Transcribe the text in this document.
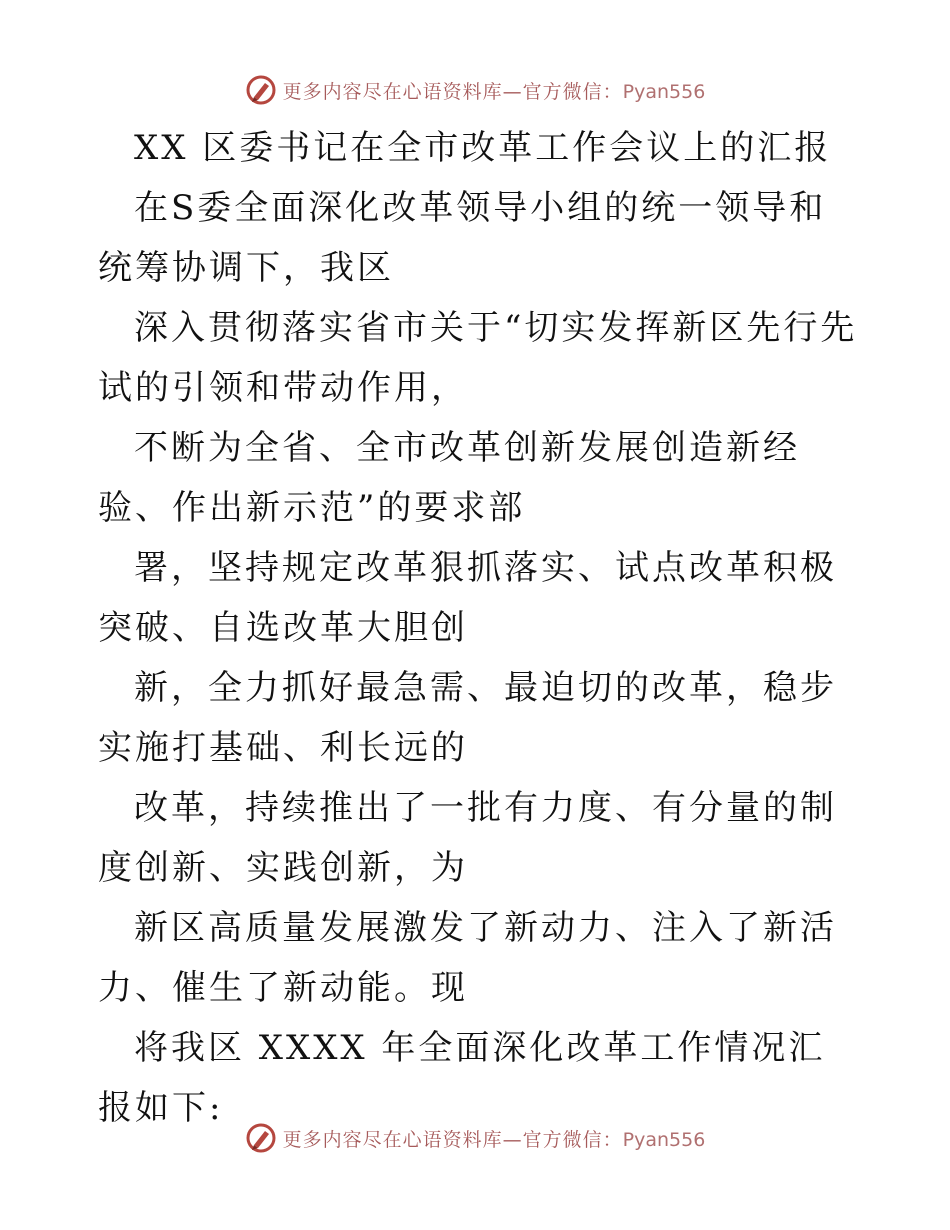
更多内容尽在心语资料库—官方微信：Pyan556

XX 区委书记在全市改革工作会议上的汇报

在S委全面深化改革领导小组的统一领导和统筹协调下，我区

深入贯彻落实省市关于“切实发挥新区先行先试的引领和带动作用，

不断为全省、全市改革创新发展创造新经验、作出新示范”的要求部

署，坚持规定改革狠抓落实、试点改革积极突破、自选改革大胆创

新，全力抓好最急需、最迫切的改革，稳步实施打基础、利长远的

改革，持续推出了一批有力度、有分量的制度创新、实践创新，为

新区高质量发展激发了新动力、注入了新活力、催生了新动能。现

将我区 XXXX 年全面深化改革工作情况汇报如下:

更多内容尽在心语资料库—官方微信：Pyan556
